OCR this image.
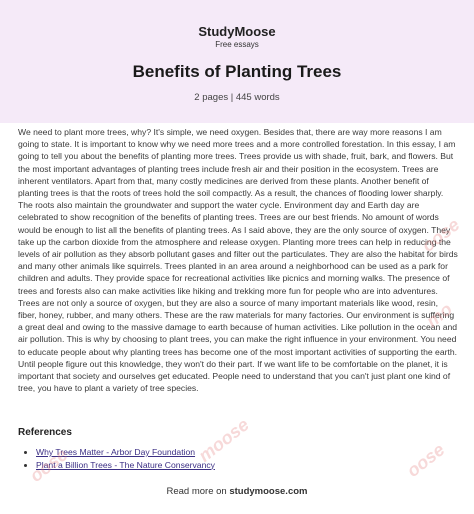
StudyMoose
Free essays
Benefits of Planting Trees
2 pages | 445 words
We need to plant more trees, why? It's simple, we need oxygen. Besides that, there are way more reasons I am going to state. It is important to know why we need more trees and a more controlled forestation. In this essay, I am going to tell you about the benefits of planting more trees. Trees provide us with shade, fruit, bark, and flowers. But the most important advantages of planting trees include fresh air and their position in the ecosystem. Trees are inherent ventilators. Apart from that, many costly medicines are derived from these plants. Another benefit of planting trees is that the roots of trees hold the soil compactly. As a result, the chances of flooding lower sharply. The roots also maintain the groundwater and support the water cycle. Environment day and Earth day are celebrated to show recognition of the benefits of planting trees. Trees are our best friends. No amount of words would be enough to list all the benefits of planting trees. As I said above, they are the only source of oxygen. They take up the carbon dioxide from the atmosphere and release oxygen. Planting more trees can help in reducing the levels of air pollution as they absorb pollutant gases and filter out the particulates. They are also the habitat for birds and many other animals like squirrels. Trees planted in an area around a neighborhood can be used as a park for children and adults. They provide space for recreational activities like picnics and morning walks. The presence of trees and forests also can make activities like hiking and trekking more fun for people who are into adventures. Trees are not only a source of oxygen, but they are also a source of many important materials like wood, resin, fiber, honey, rubber, and many others. These are the raw materials for many factories. Our environment is suffering a great deal and owing to the massive damage to earth because of human activities. Like pollution in the ocean and air pollution. This is why by choosing to plant trees, you can make the right influence in your environment. You need to educate people about why planting trees has become one of the most important activities of supporting the earth. Until people figure out this knowledge, they won't do their part. If we want life to be comfortable on the planet, it is important that society and ourselves get educated. People need to understand that you can't just plant one kind of tree, you have to plant a variety of tree species.
References
• Why Trees Matter - Arbor Day Foundation
• Plant a Billion Trees - The Nature Conservancy
Read more on studymoose.com
oose
mo
moose
oose	oose
